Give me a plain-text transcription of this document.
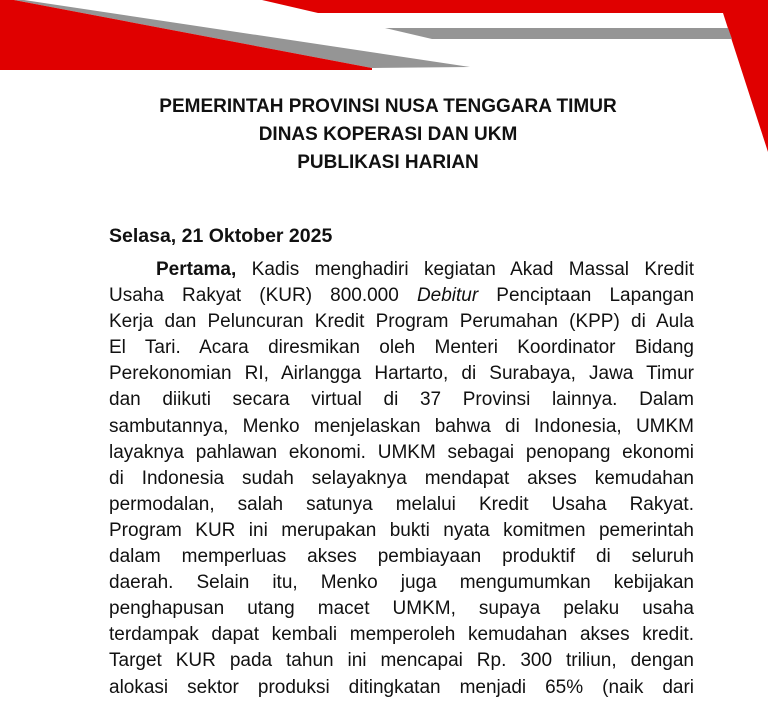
PEMERINTAH PROVINSI NUSA TENGGARA TIMUR
DINAS KOPERASI DAN UKM
PUBLIKASI HARIAN
Selasa, 21 Oktober 2025
Pertama, Kadis menghadiri kegiatan Akad Massal Kredit
Usaha Rakyat (KUR) 800.000 Debitur Penciptaan Lapangan
Kerja dan Peluncuran Kredit Program Perumahan (KPP) di Aula
El Tari. Acara diresmikan oleh Menteri Koordinator Bidang
Perekonomian RI, Airlangga Hartarto, di Surabaya, Jawa Timur
dan diikuti secara virtual di 37 Provinsi lainnya. Dalam
sambutannya, Menko menjelaskan bahwa di Indonesia, UMKM
layaknya pahlawan ekonomi. UMKM sebagai penopang ekonomi
di Indonesia sudah selayaknya mendapat akses kemudahan
permodalan, salah satunya melalui Kredit Usaha Rakyat.
Program KUR ini merupakan bukti nyata komitmen pemerintah
dalam memperluas akses pembiayaan produktif di seluruh
daerah. Selain itu, Menko juga mengumumkan kebijakan
penghapusan utang macet UMKM, supaya pelaku usaha
terdampak dapat kembali memperoleh kemudahan akses kredit.
Target KUR pada tahun ini mencapai Rp. 300 triliun, dengan
alokasi sektor produksi ditingkatan menjadi 65% (naik dari
